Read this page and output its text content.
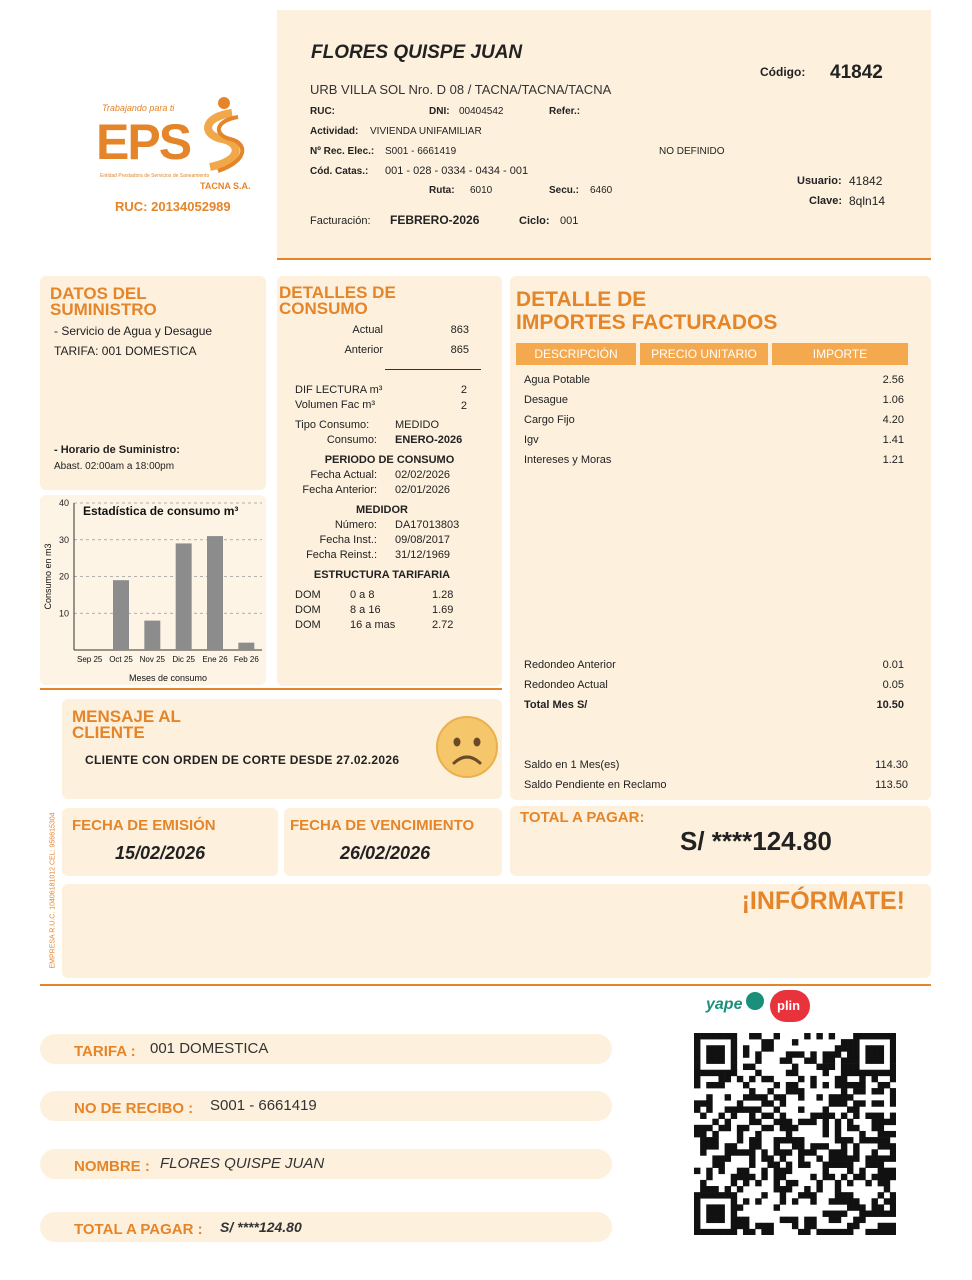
Trabajando para ti
EPS
Entidad Prestadora de Servicios de Saneamiento
TACNA S.A.
RUC: 20134052989
FLORES QUISPE JUAN
URB VILLA SOL Nro. D 08 / TACNA/TACNA/TACNA
Código: 41842
RUC:	DNI: 00404542	Refer.:
Actividad: VIVIENDA UNIFAMILIAR
Nº Rec. Elec.: S001 - 6661419	NO DEFINIDO
Cód. Catas.: 001 - 028 - 0334 - 0434 - 001
Ruta: 6010	Secu.: 6460
Usuario: 41842
Clave: 8qln14
Facturación: FEBRERO-2026	Ciclo: 001
DATOS DEL
SUMINISTRO
- Servicio de Agua y Desague
TARIFA: 001 DOMESTICA
- Horario de Suministro:
Abast. 02:00am a 18:00pm
10
20
30
40
Estadística de consumo m³
Sep 25 Oct 25 Nov 25 Dic 25 Ene 26 Feb 26
Meses de consumo
Consumo en m3
DETALLES DE
CONSUMO
Actual	863
Anterior	865
DIF LECTURA m³	2
Volumen Fac m³	2
Tipo Consumo: MEDIDO
Consumo: ENERO-2026
PERIODO DE CONSUMO
Fecha Actual: 02/02/2026
Fecha Anterior: 02/01/2026
MEDIDOR
Número: DA17013803
Fecha Inst.: 09/08/2017
Fecha Reinst.: 31/12/1969
ESTRUCTURA TARIFARIA
DOM	0 a 8	1.28
DOM	8 a 16	1.69
DOM	16 a mas	2.72
DETALLE DE
IMPORTES FACTURADOS
DESCRIPCIÓN	PRECIO UNITARIO	IMPORTE
Agua Potable	2.56
Desague	1.06
Cargo Fijo	4.20
Igv	1.41
Intereses y Moras	1.21
Redondeo Anterior	0.01
Redondeo Actual	0.05
Total Mes S/	10.50
Saldo en 1 Mes(es)	114.30
Saldo Pendiente en Reclamo	113.50
EMPRESA R.U.C. 10406181012 CEL: 956615304
MENSAJE AL
CLIENTE
CLIENTE CON ORDEN DE CORTE DESDE 27.02.2026
FECHA DE EMISIÓN
15/02/2026
FECHA DE VENCIMIENTO
26/02/2026
TOTAL A PAGAR:
S/ ****124.80
¡INFÓRMATE!
yape	plin
TARIFA : 001 DOMESTICA
NO DE RECIBO : S001 - 6661419
NOMBRE : FLORES QUISPE JUAN
TOTAL A PAGAR : S/ ****124.80
